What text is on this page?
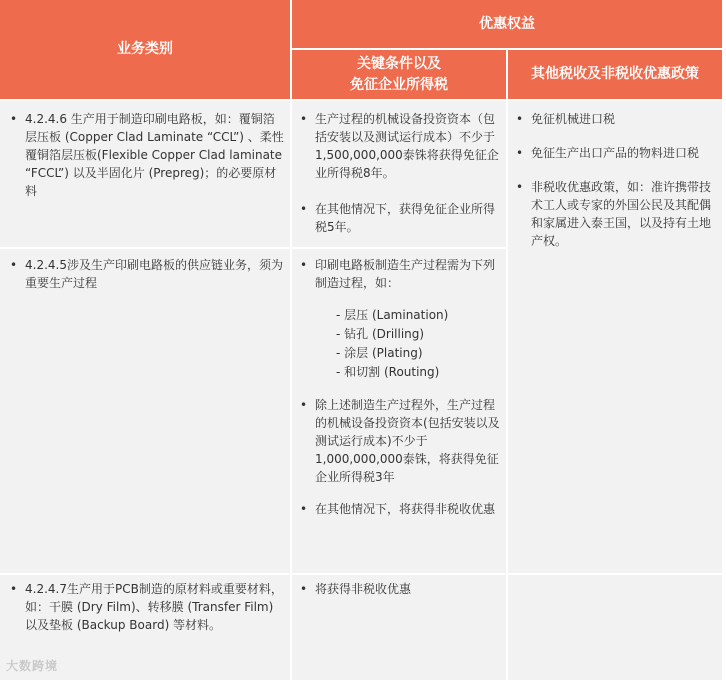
业务类别
优惠权益
关键条件以及
免征企业所得税
其他税收及非税收优惠政策
• 4.2.4.6 生产用于制造印刷电路板，如：覆铜箔层压板 (Copper Clad Laminate “CCL”) 、柔性覆铜箔层压板(Flexible Copper Clad laminate “FCCL”) 以及半固化片 (Prepreg)；的必要原材料
• 生产过程的机械设备投资资本（包括安装以及测试运行成本）不少于1,500,000,000泰铢将获得免征企业所得税8年。
• 在其他情况下，获得免征企业所得税5年。
• 4.2.4.5涉及生产印刷电路板的供应链业务，须为重要生产过程
• 印刷电路板制造生产过程需为下列制造过程，如：
- 层压 (Lamination)
- 钻孔 (Drilling)
- 涂层 (Plating)
- 和切割 (Routing)
• 除上述制造生产过程外，生产过程的机械设备投资资本(包括安装以及测试运行成本)不少于1,000,000,000泰铢，将获得免征企业所得税3年
• 在其他情况下，将获得非税收优惠
• 免征机械进口税
• 免征生产出口产品的物料进口税
• 非税收优惠政策，如：准许携带技术工人或专家的外国公民及其配偶和家属进入泰王国，以及持有土地产权。
• 4.2.4.7生产用于PCB制造的原材料或重要材料，如：干膜 (Dry Film)、转移膜 (Transfer Film) 以及垫板 (Backup Board) 等材料。
• 将获得非税收优惠
大数跨境
